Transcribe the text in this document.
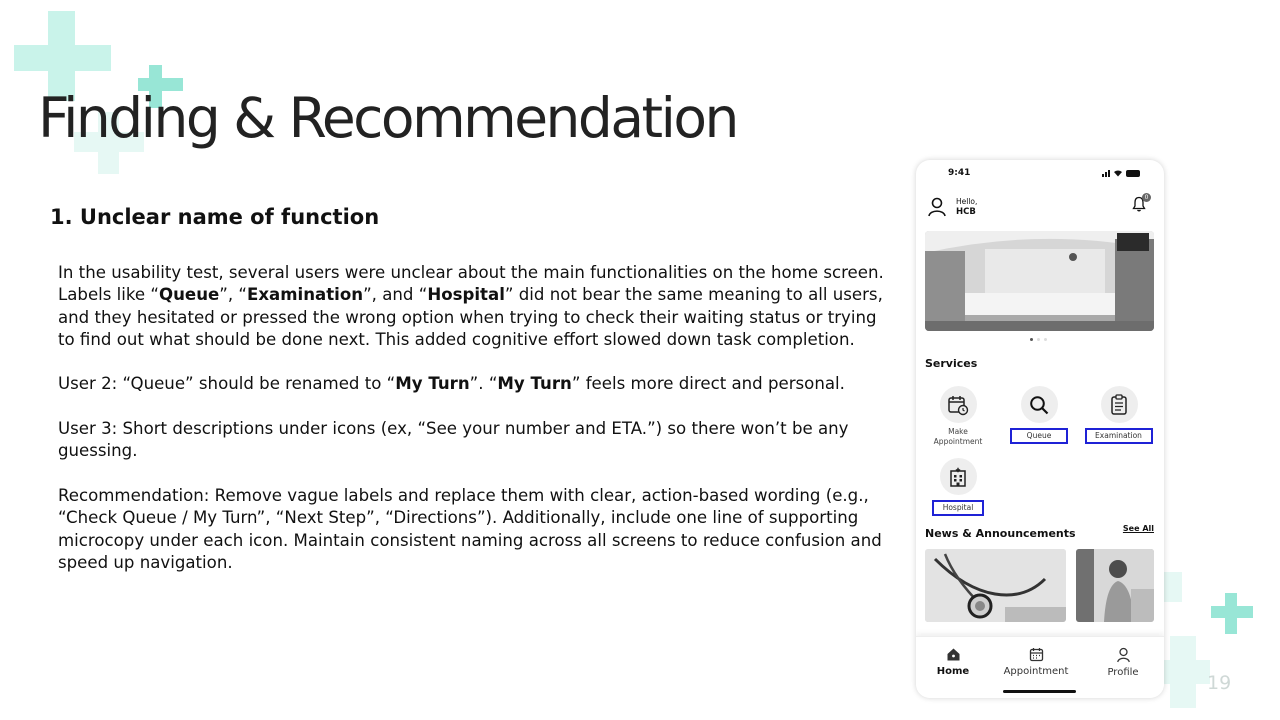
Finding & Recommendation
1. Unclear name of function

In the usability test, several users were unclear about the main functionalities on the home screen. Labels like “Queue”, “Examination”, and “Hospital” did not bear the same meaning to all users, and they hesitated or pressed the wrong option when trying to check their waiting status or trying to find out what should be done next. This added cognitive effort slowed down task completion.

User 2: “Queue” should be renamed to “My Turn”. “My Turn” feels more direct and personal.

User 3: Short descriptions under icons (ex, “See your number and ETA.”) so there won’t be any guessing.

Recommendation: Remove vague labels and replace them with clear, action-based wording (e.g., “Check Queue / My Turn”, “Next Step”, “Directions”). Additionally, include one line of supporting microcopy under each icon. Maintain consistent naming across all screens to reduce confusion and speed up navigation.

9:41
Hello,
HCB
0
Services
Make Appointment
Queue	Examination
Hospital
News & Announcements	See All
Home	Appointment	Profile	19
